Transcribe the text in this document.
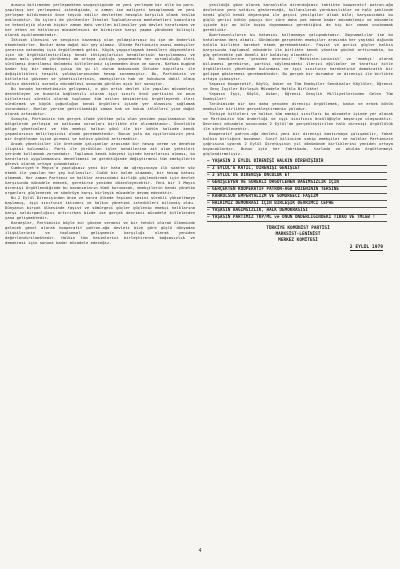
dusunu bitirmeden yerleşmektem vazgeçtiginde ve yeni yerleşme bir alle bu para-yapılmış ver yerleşmesi istediginde, o zaman ise maliyeti hesaplanmak ve yeni yerleşme bildirmenin önce teşvik edilir devletten hesapla karşılık olmak teslim edilecektir. Bu işleri de yürütenler İthalat Toplumlarınca memleketleri kadınlara ve teknolojik olarak hiçbir zaman dahi verilen bilimciler yok devlet tarafından ve her etken ve halkların mücadelesini de birbirine karşı yapma yönünden bilinçli olarak açıklanmaktadır.

İktisat ilkesini ve sevginin kazanmış olan yoldaşlarımız bu işe de önderlik etmektedirler. Bunlar daha doğal bir şey olamaz. Ülkede Partimizin asasi emekçiler yararına vatandaş için örgütlenmek geldi. Küçük yaygınlaşmak kendileri düşecekleri için de örgütsüzlestirilmiş kendi ihtiyaçlarının kendilerinin karşılanması ve bunun malı yönünü yürütmesi da ortaya çıktığı yaşanmakta her sorumluluğu ileri sürülmesi önerilmesi önündeki kitlelerimiz işlenmeden önce ve sonra. Kafkas bugüne kadar hiç bir emekçi çıkıp da şu il durum bakımında İktidar kayıtları ile değişiklikleri tespiti yoldaşlarımızdan hesap sormamıştır. Bu, Partimizin ve kitlelerin güvenen ve yöneticilerinin, emekçilerin hak ve hukukuna dahil olmuş halkın destekli sorumlu mücadelesi sonunda görülen açık bir sonuçtur.

Bu konuda hareketimizin gelişmesi, o gün artık devlet ile yapılan mücadeleyi destekleyen ve bununla bağlantılı olarak işçi sınıfı öncü partisini ve onun kitlelerini sürekli olarak toplumun tüm ezilen kesimlerini örgütleyerek ileri sürdürmek ve büyük çoğunluğun kendi örgütleri içinde yer almasını sağlamak zorundadır. Bunlar yerine getirilmediği zaman hak ve hukuk ihlalleri yine doğal olarak artacaktır.

Sonuçta, Partimizin tek gerçek ifade yürütme yolu olan yeniden yapılanmanın tüm bölgelerde yerleşim ve kalkınma sorunları birlikte ele alınmaktadır. Öncelikle bölge yönetimleri ve tüm emekçi halkın gücü ile bir bütün halinde kendi yaşamlarının belirleyicisi olmak gerekmektedir. Bunun yolu da işçilerimizin yeni bir örgütlenme içine girmesi ve halkın gücünü artırmaktır.

Ancak yöneticiler ile üretimde çalışanlar arasında bir hesap verme ve denetim ilişkisi bulunmalı. Parti ile yürütülen işler kendilerine ait olan yetkileri yerinde kullanmak zorundadır. Toplumun kendi bünyesi içinde kararlarını alması, bu kararların uygulanmasını denetlemesi ve gerektiğinde değiştirmesi tüm emekçilerin görevi olarak ortaya çıkmaktadır.

Cumhuriyet'e Mayıs'a yaptığımız yeni bir hata da uğrayıncaya ilk saatte söz etmek ile yapılan her şey kullanılır. Ciddi bir halde olmamak, bir hesap hatası olmamak. Her zaman Partimiz ve halklar arasındaki birliği güçlendirmek için devlet karşısında mücadele edecek, gerekirse yeniden düzenleyecektir. Yeni bir 1 Mayıs direnişi örgütlendiğinde bu kazanımların tümü korunacak, emekçilerin kendi yönetim organları güçlenecek ve sömürüye karşı birleşik mücadele devam edecektir.

Bu 2 Eylül Direnişinden önce ve sonra ülkede faşizmi sesini sürekli yükseltmeye başlamış, işçi sınıfının iktidarı ve halkın yönetimi istedikleri bilinmiş oldu. Dünyanın birçok ülkesinde faşist ve sömürgeci güçler güçlenip emekçi halklarına karşı saldırganlığını artırırken bizde ise gerçek devrimci mücadele kitlelerden yana gelişmektedir.

Kardeşler, Partimizin böyle bir güvene vermesi ve bir tehdit olarak ülkemizde gelecek genel olarak kooperatif patron-ağa devleti bize göre güçlü dünyadan ilişkilerinin ve toplumsal gelişmenin karşılığı olarak yeniden değerlendirilmektedir. Halkın tüm kesimlerini birleştirerek bağımsızlık ve demokrasi için sonuna kadar mücadele edeceğiz.

yenildiği göze olarak karanlıkla direndiğimiz taktikte kooperatif patron-ağa devletine yeni saldırı göstereceği, kullanılarak yardımcılıklar ve halk şeklinde kendi güçlü kendi dayanışma ile geçici yenilgiler alsak bile; karşımızdaki bu güçlü gerici bütün yapıyı bir süre daha yok edene kadar mücadelemiz ve mücadele içinde bir an bile kuşku duymamamız gerektiğini de hiç bir zaman unutmamak gereklidir.

Öpertuvanlıların bu hatasını kullanmaya çalışmaktadır. Boynamalılar ise bu hatalardan ders almalı. Günümüzde gerçekten emekçiler arasında her yaştaki dığında halkla birlikte hareket etmek gerekmektedir. Faşist ve gerici güçler halkın karşısında toplumsal mücadele ile birlikte kendi yönetim gücünü arttırmakta, bu güç gelecekte çok önemli bir kaldıraç olacaktır.

Bu kendilerine 'yeniden devrimci' 'Markiste-Leninist' ve 'emekçi' olarak bilinmesi gerekirse, partisi söylemindeki ilerici eğilimler ve tarafsız kitle örgütlerinin yönetimde bulunması ve işçi sınıfının hareketinin demokratik bir gelişme göstermesi gerekmektedir. Bu gerçek bir durumdur ve direnişi ile birlikte ortaya çıkmıştır.

Yaşasın Kooperatif, Köylü, Asker ve Tüm Emekçiler Sendikalar Köylüler, Öğrenci ve Genç İşçiler Birleşik Mücadele Halkla Birlikte!

Yaşasın İşçi, Köylü, Asker, Öğrenci Gençlik Milliyetlerinden Gelen Tüm Emekçiler!

Tarihimizde bir kez daha yeniden direnişi örgütlemek, kadın ve erkek bütün emekçiler birlikte gerçekleştirmenin yoludur.

Türkiye kitleleri ve halkın tüm emekçi sınıfları bu mücadele içinde yer alacak ve Partimizin tüm önderliği ve işçi sınıfının öncülüğüyle başarıya ulaşacaktır. Devrimci mücadele sonucunda 2 Eylül'de gerçekleştirilen halk direnişi örgütlülük ile sürdürülecektir.

Kooperatif patron-ağa devleti yeni bir direnişi bastırmaya çalışabilir, fakat halkın birliğini bozamaz. Sınıf bilincine sahip emekçiler ve halklar Partimizin çağrısına uyarak 2 Eylül Direnişinin yıl dönümünde birliklerini yeniden ortaya koyacaklardır. Bunun için her fabrikada, tarlada ve okulda örgütlenmeyi güçlendirmeliyiz.

— YAŞASIN 2 EYLÜL DİRENİŞİ HALKIN DİRENİŞİDİR
— 2 EYLÜL'E KATIL, DİRENİŞİ GENİŞLET
— 2 EYLÜL'DE DİRENİŞE ÖNCÜLÜK ET
— GENİŞLEYEN VE SÜREKLİ ÖRGÜTLENEN BAĞIMSIZLIK İÇİN
— GERÇEKTEN KOOPERATİF PATRON-AĞA DÜZENİNİN TERSİNE
— KAHROLSUN EMPERYALİZM VE SÖMÜRGECİ FAŞİZM
— HALKIMIZ DEMOKRASİ İÇİN BİRLEŞİK DEVRİMCİ CEPHE
— YAŞASIN BAĞIMSIZLIK, HALK DEMOKRASİSİ
— YAŞASIN PARTİMİZ TKP/ML ve ONUN ÖNDERLİĞİNDEKİ TİKKO VE TMLGB !
TÜRKİYE KOMÜNİST PARTİSİ
MARKSİST-LENİNİST
MERKEZ KOMİTESİ
2 EYLÜL 1979
4
